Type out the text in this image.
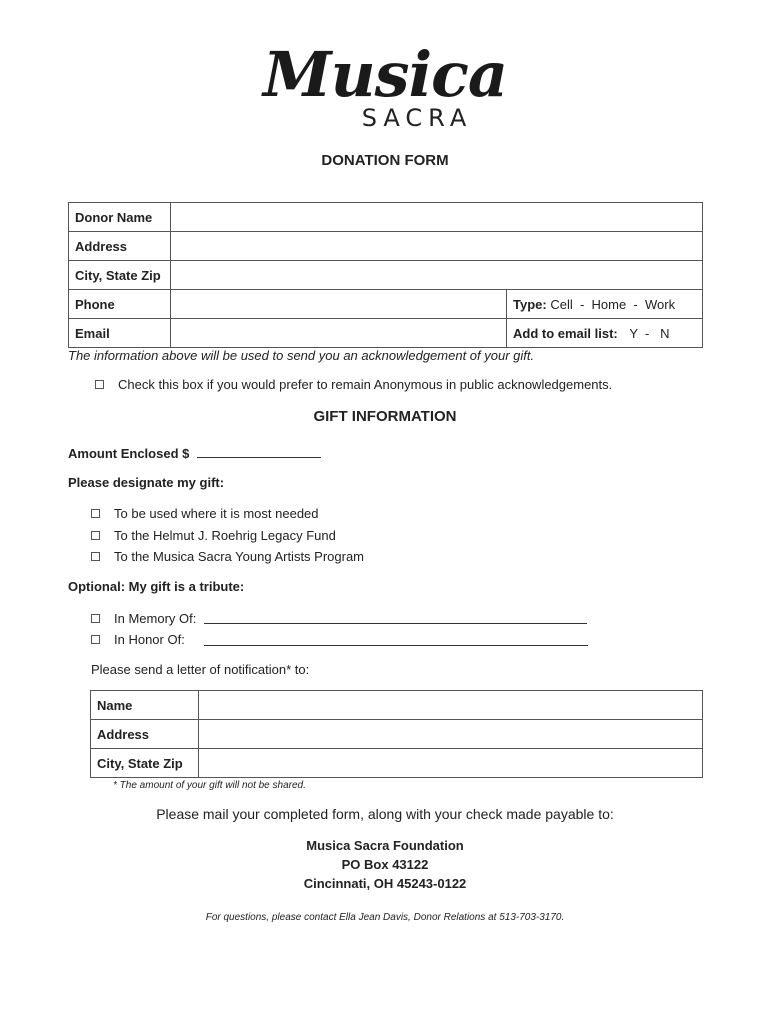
Musica
SACRA
DONATION FORM
Donor Name		
Address		
City, State Zip		
Phone		Type: Cell  -  Home  -  Work
Email		Add to email list: Y  -   N
The information above will be used to send you an acknowledgement of your gift.
Check this box if you would prefer to remain Anonymous in public acknowledgements.
GIFT INFORMATION
Amount Enclosed $
Please designate my gift:
To be used where it is most needed
To the Helmut J. Roehrig Legacy Fund
To the Musica Sacra Young Artists Program
Optional: My gift is a tribute:
In Memory Of:
In Honor Of:
Please send a letter of notification* to:
Name	
Address	
City, State Zip	
* The amount of your gift will not be shared.
Please mail your completed form, along with your check made payable to:
Musica Sacra Foundation
PO Box 43122
Cincinnati, OH 45243-0122
For questions, please contact Ella Jean Davis, Donor Relations at 513-703-3170.
